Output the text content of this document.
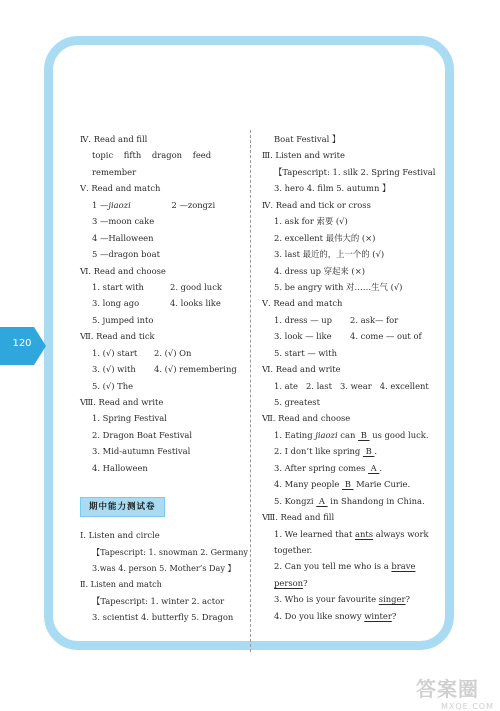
120
Ⅳ. Read and fill
topic fifth dragon feed
remember
Ⅴ. Read and match
1 —jiaozi	2 —zongzi
3 —moon cake
4 —Halloween
5 —dragon boat
Ⅵ. Read and choose
1. start with	2. good luck
3. long ago	4. looks like
5. jumped into
Ⅶ. Read and tick
1. (√) start 2. (√) On
3. (√) with 4. (√) remembering
5. (√) The
Ⅷ. Read and write
1. Spring Festival
2. Dragon Boat Festival
3. Mid-autumn Festival
4. Halloween
期中能力测试卷
Ⅰ. Listen and circle
【Tapescript: 1. snowman 2. Germany
3.was 4. person 5. Mother’s Day 】
Ⅱ. Listen and match
【Tapescript: 1. winter 2. actor
3. scientist 4. butterfly 5. Dragon
Boat Festival 】
Ⅲ. Listen and write
【Tapescript: 1. silk 2. Spring Festival
3. hero 4. film 5. autumn 】
Ⅳ. Read and tick or cross
1. ask for 索要 (√)
2. excellent 最伟大的 (×)
3. last 最近的，上一个的 (√)
4. dress up 穿起来 (×)
5. be angry with 对……生气 (√)
Ⅴ. Read and match
1. dress — up 2. ask— for
3. look — like 4. come — out of
5. start — with
Ⅵ. Read and write
1. ate 2. last 3. wear 4. excellent
5. greatest
Ⅶ. Read and choose
1. Eating jiaozi can  B  us good luck.
2. I don’t like spring  B .
3. After spring comes  A .
4. Many people  B  Marie Curie.
5. Kongzi  A  in Shandong in China.
Ⅷ. Read and fill
1. We learned that ants always work
together.
2. Can you tell me who is a brave
person?
3. Who is your favourite singer?
4. Do you like snowy winter?
答案圈
MXQE.COM
